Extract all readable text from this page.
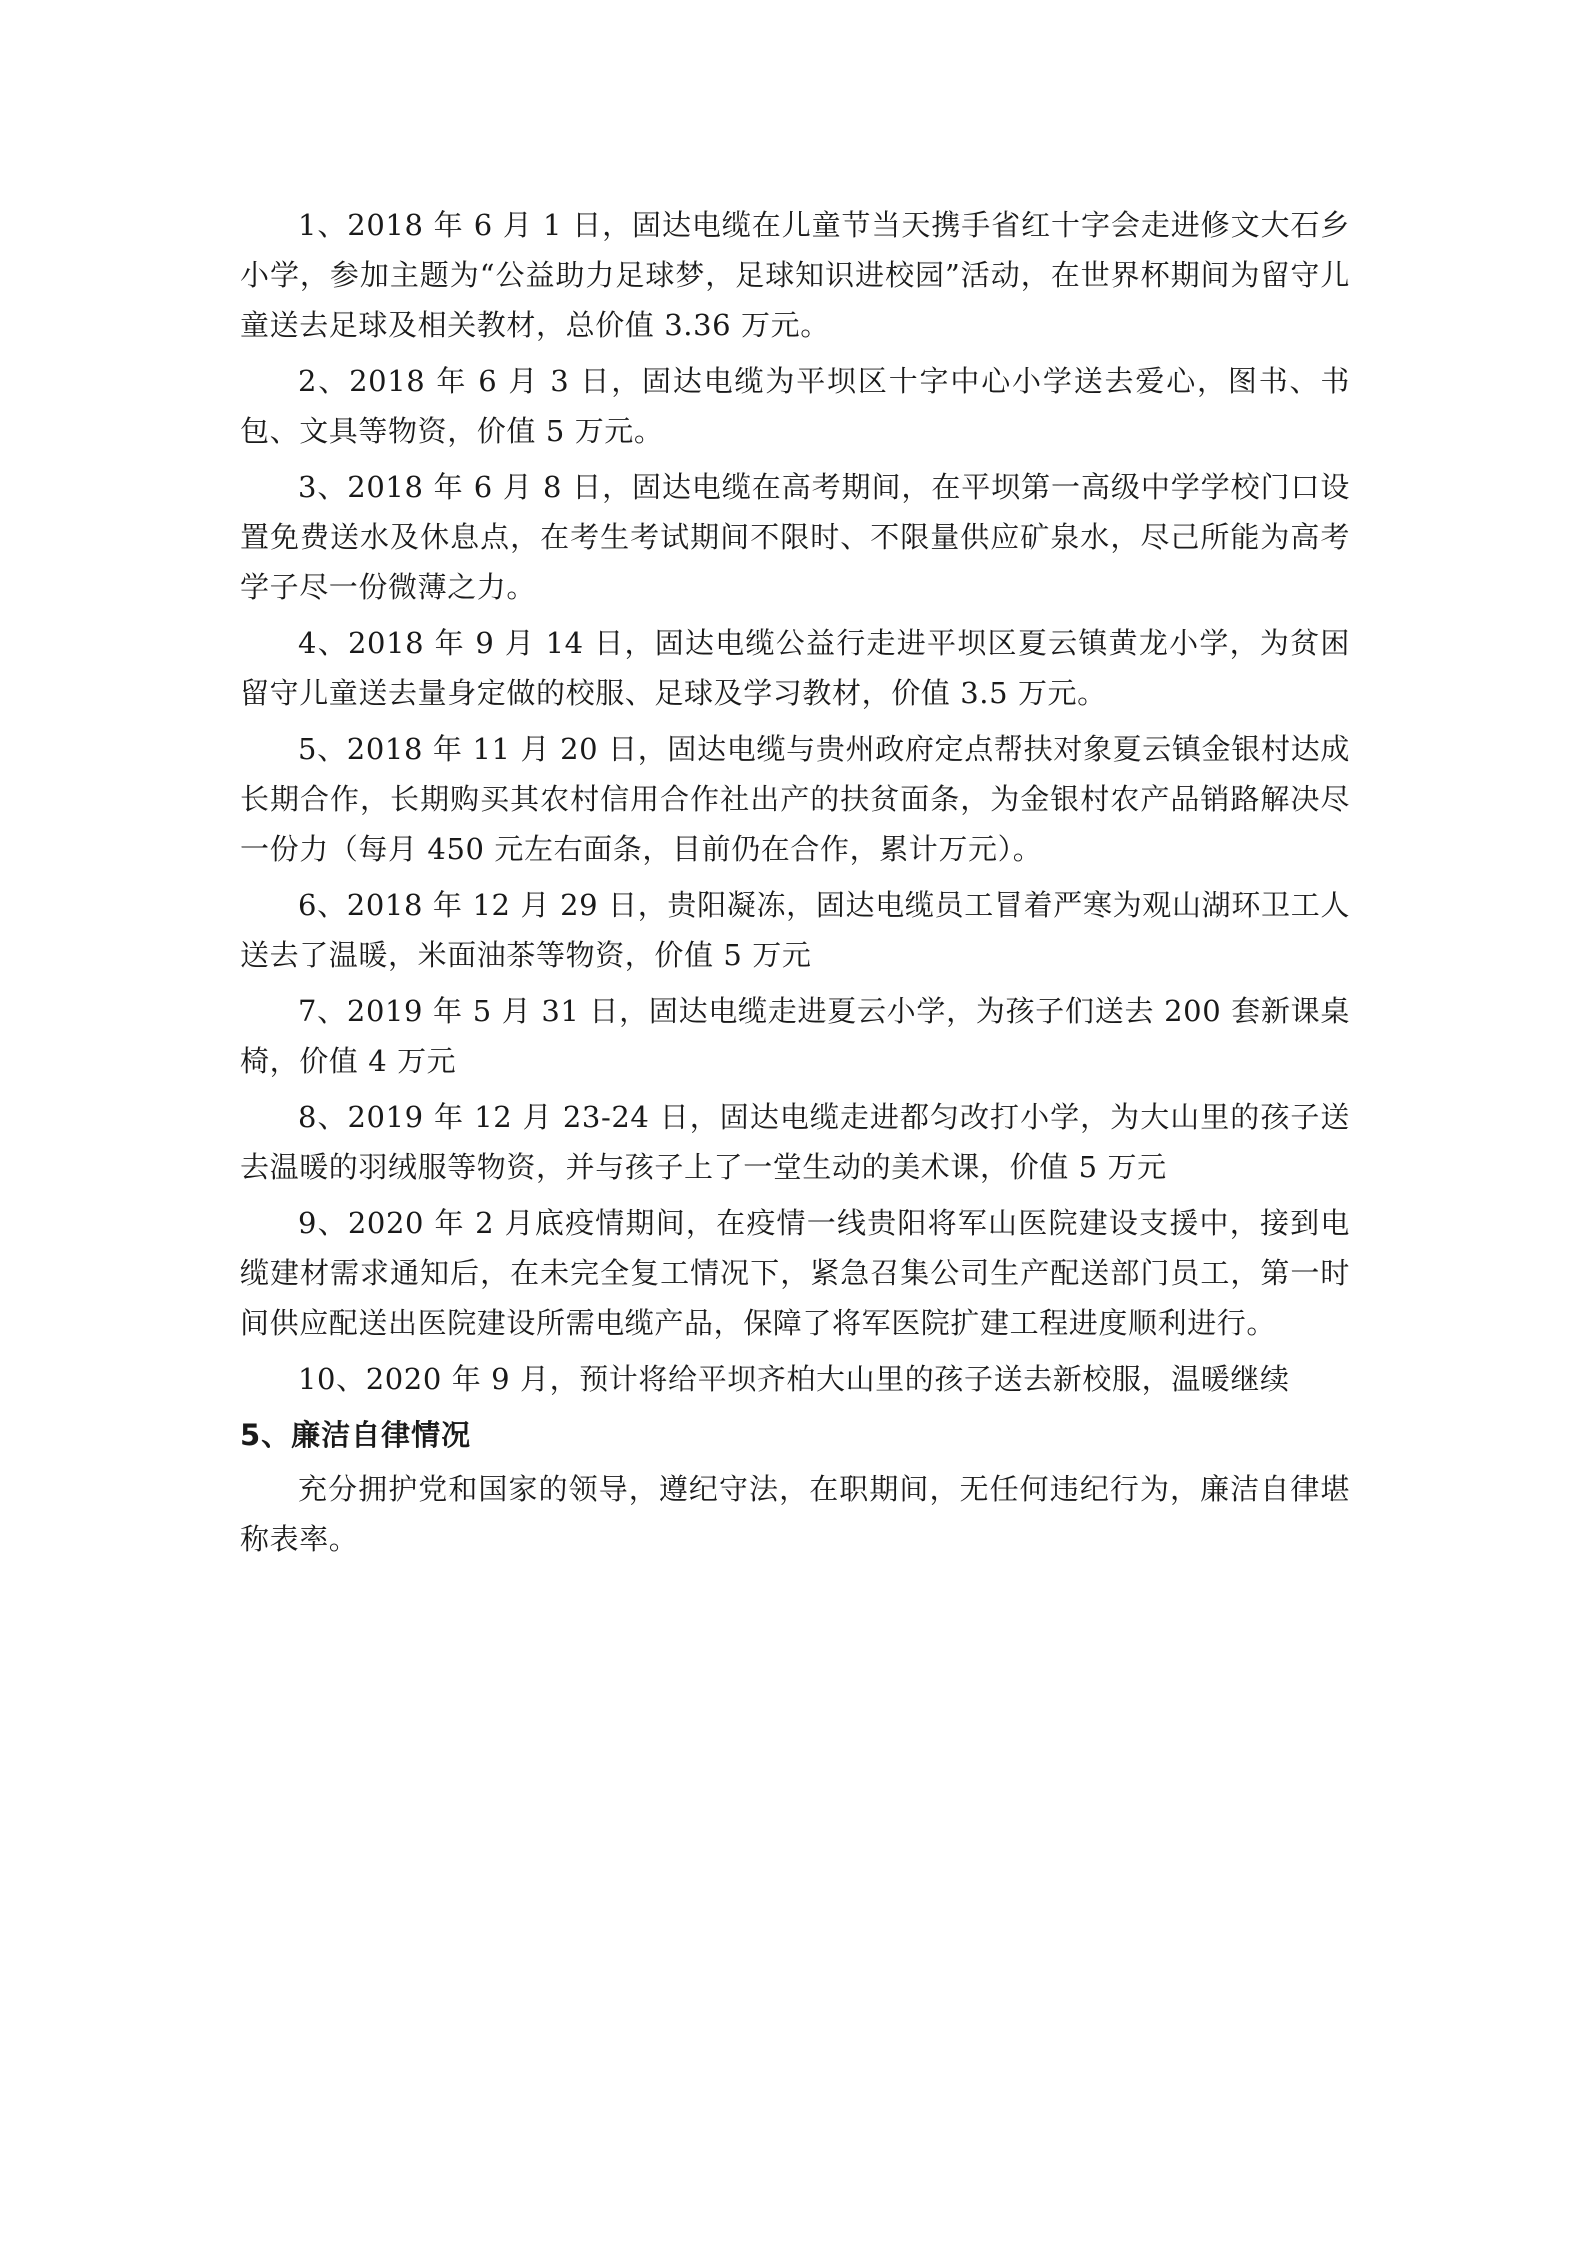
1、2018 年 6 月 1 日，固达电缆在儿童节当天携手省红十字会走进修文大石乡小学，参加主题为“公益助力足球梦，足球知识进校园”活动，在世界杯期间为留守儿童送去足球及相关教材，总价值 3.36 万元。

2、2018 年 6 月 3 日，固达电缆为平坝区十字中心小学送去爱心，图书、书包、文具等物资，价值 5 万元。

3、2018 年 6 月 8 日，固达电缆在高考期间，在平坝第一高级中学学校门口设置免费送水及休息点，在考生考试期间不限时、不限量供应矿泉水，尽己所能为高考学子尽一份微薄之力。

4、2018 年 9 月 14 日，固达电缆公益行走进平坝区夏云镇黄龙小学，为贫困留守儿童送去量身定做的校服、足球及学习教材，价值 3.5 万元。

5、2018 年 11 月 20 日，固达电缆与贵州政府定点帮扶对象夏云镇金银村达成长期合作，长期购买其农村信用合作社出产的扶贫面条，为金银村农产品销路解决尽一份力（每月 450 元左右面条，目前仍在合作，累计万元）。

6、2018 年 12 月 29 日，贵阳凝冻，固达电缆员工冒着严寒为观山湖环卫工人送去了温暖，米面油茶等物资，价值 5 万元

7、2019 年 5 月 31 日，固达电缆走进夏云小学，为孩子们送去 200 套新课桌椅，价值 4 万元

8、2019 年 12 月 23-24 日，固达电缆走进都匀改打小学，为大山里的孩子送去温暖的羽绒服等物资，并与孩子上了一堂生动的美术课，价值 5 万元

9、2020 年 2 月底疫情期间，在疫情一线贵阳将军山医院建设支援中，接到电缆建材需求通知后，在未完全复工情况下，紧急召集公司生产配送部门员工，第一时间供应配送出医院建设所需电缆产品，保障了将军医院扩建工程进度顺利进行。

10、2020 年 9 月，预计将给平坝齐柏大山里的孩子送去新校服，温暖继续

5、廉洁自律情况

充分拥护党和国家的领导，遵纪守法，在职期间，无任何违纪行为，廉洁自律堪称表率。
